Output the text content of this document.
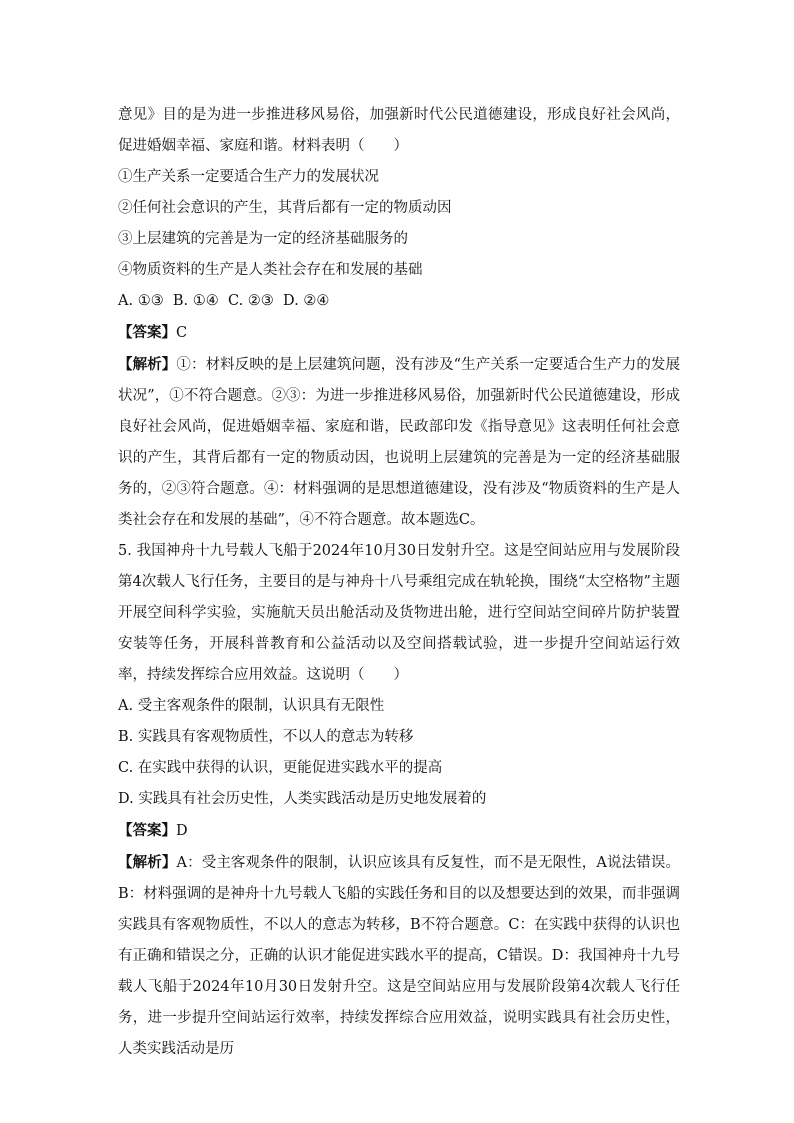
意见》目的是为进一步推进移风易俗，加强新时代公民道德建设，形成良好社会风尚，促进婚姻幸福、家庭和谐。材料表明（　　）

①生产关系一定要适合生产力的发展状况

②任何社会意识的产生，其背后都有一定的物质动因

③上层建筑的完善是为一定的经济基础服务的

④物质资料的生产是人类社会存在和发展的基础

A. ①③  B. ①④  C. ②③  D. ②④

【答案】C

【解析】①：材料反映的是上层建筑问题，没有涉及“生产关系一定要适合生产力的发展状况”，①不符合题意。②③：为进一步推进移风易俗，加强新时代公民道德建设，形成良好社会风尚，促进婚姻幸福、家庭和谐，民政部印发《指导意见》这表明任何社会意识的产生，其背后都有一定的物质动因，也说明上层建筑的完善是为一定的经济基础服务的，②③符合题意。④：材料强调的是思想道德建设，没有涉及“物质资料的生产是人类社会存在和发展的基础”，④不符合题意。故本题选C。

5. 我国神舟十九号载人飞船于2024年10月30日发射升空。这是空间站应用与发展阶段第4次载人飞行任务，主要目的是与神舟十八号乘组完成在轨轮换，围绕“太空格物”主题开展空间科学实验，实施航天员出舱活动及货物进出舱，进行空间站空间碎片防护装置安装等任务，开展科普教育和公益活动以及空间搭载试验，进一步提升空间站运行效率，持续发挥综合应用效益。这说明（　　）

A. 受主客观条件的限制，认识具有无限性

B. 实践具有客观物质性，不以人的意志为转移

C. 在实践中获得的认识，更能促进实践水平的提高

D. 实践具有社会历史性，人类实践活动是历史地发展着的

【答案】D

【解析】A：受主客观条件的限制，认识应该具有反复性，而不是无限性，A说法错误。B：材料强调的是神舟十九号载人飞船的实践任务和目的以及想要达到的效果，而非强调实践具有客观物质性，不以人的意志为转移，B不符合题意。C：在实践中获得的认识也有正确和错误之分，正确的认识才能促进实践水平的提高，C错误。D：我国神舟十九号载人飞船于2024年10月30日发射升空。这是空间站应用与发展阶段第4次载人飞行任务，进一步提升空间站运行效率，持续发挥综合应用效益，说明实践具有社会历史性，人类实践活动是历
